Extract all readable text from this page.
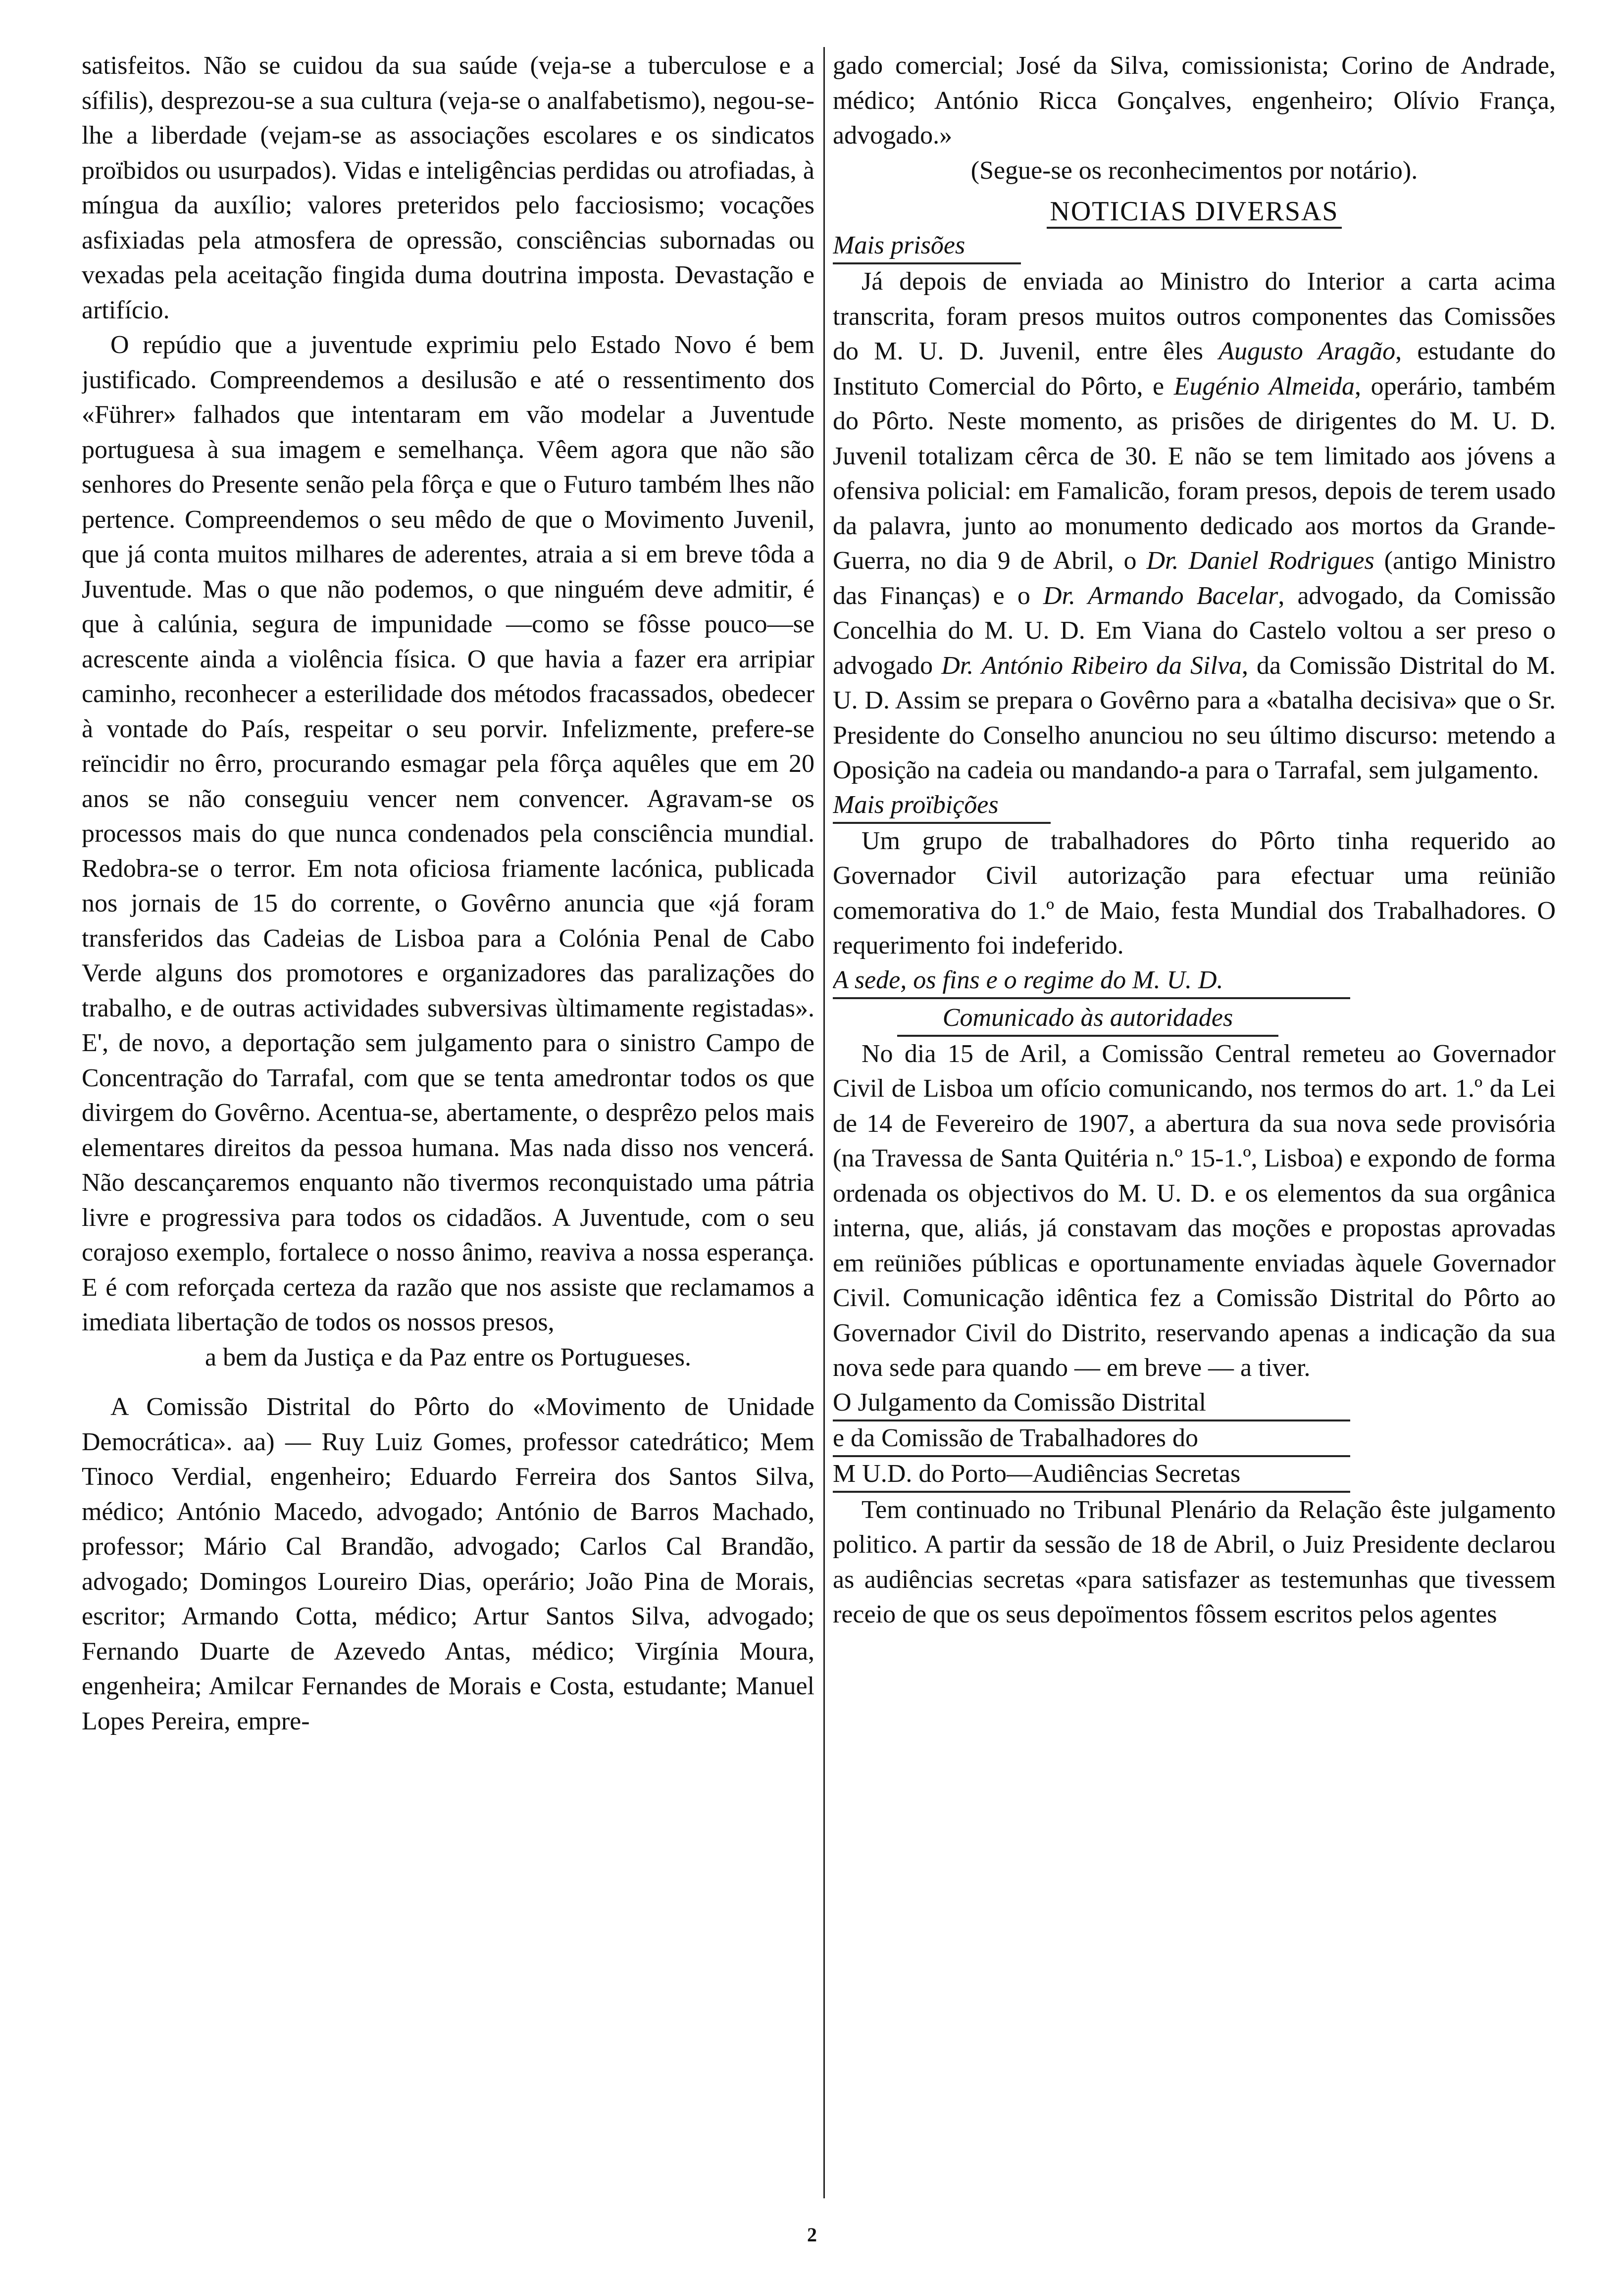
satisfeitos. Não se cuidou da sua saúde (veja-se a tuberculose e a sífilis), desprezou-se a sua cultura (veja-se o analfabetismo), negou-se-lhe a liberdade (vejam-se as associações escolares e os sindicatos proïbidos ou usurpados). Vidas e inteligências perdidas ou atrofiadas, à míngua da auxílio; valores preteridos pelo facciosismo; vocações asfixiadas pela atmosfera de opressão, consciências subornadas ou vexadas pela aceitação fingida duma doutrina imposta. Devastação e artifício.

O repúdio que a juventude exprimiu pelo Estado Novo é bem justificado. Compreendemos a desilusão e até o ressentimento dos «Führer» falhados que intentaram em vão modelar a Juventude portuguesa à sua imagem e semelhança. Vêem agora que não são senhores do Presente senão pela fôrça e que o Futuro também lhes não pertence. Compreendemos o seu mêdo de que o Movimento Juvenil, que já conta muitos milhares de aderentes, atraia a si em breve tôda a Juventude. Mas o que não podemos, o que ninguém deve admitir, é que à calúnia, segura de impunidade —como se fôsse pouco—se acrescente ainda a violência física. O que havia a fazer era arripiar caminho, reconhecer a esterilidade dos métodos fracassados, obedecer à vontade do País, respeitar o seu porvir. Infelizmente, prefere-se reïncidir no êrro, procurando esmagar pela fôrça aquêles que em 20 anos se não conseguiu vencer nem convencer. Agravam-se os processos mais do que nunca condenados pela consciência mundial. Redobra-se o terror. Em nota oficiosa friamente lacónica, publicada nos jornais de 15 do corrente, o Govêrno anuncia que «já foram transferidos das Cadeias de Lisboa para a Colónia Penal de Cabo Verde alguns dos promotores e organizadores das paralizações do trabalho, e de outras actividades subversivas ùltimamente registadas». E', de novo, a deportação sem julgamento para o sinistro Campo de Concentração do Tarrafal, com que se tenta amedrontar todos os que divirgem do Govêrno. Acentua-se, abertamente, o desprêzo pelos mais elementares direitos da pessoa humana. Mas nada disso nos vencerá. Não descançaremos enquanto não tivermos reconquistado uma pátria livre e progressiva para todos os cidadãos. A Juventude, com o seu corajoso exemplo, fortalece o nosso ânimo, reaviva a nossa esperança. E é com reforçada certeza da razão que nos assiste que reclamamos a imediata libertação de todos os nossos presos,

a bem da Justiça e da Paz entre os Portugueses.

A Comissão Distrital do Pôrto do «Movimento de Unidade Democrática». aa) — Ruy Luiz Gomes, professor catedrático; Mem Tinoco Verdial, engenheiro; Eduardo Ferreira dos Santos Silva, médico; António Macedo, advogado; António de Barros Machado, professor; Mário Cal Brandão, advogado; Carlos Cal Brandão, advogado; Domingos Loureiro Dias, operário; João Pina de Morais, escritor; Armando Cotta, médico; Artur Santos Silva, advogado; Fernando Duarte de Azevedo Antas, médico; Virgínia Moura, engenheira; Amilcar Fernandes de Morais e Costa, estudante; Manuel Lopes Pereira, empre-

gado comercial; José da Silva, comissionista; Corino de Andrade, médico; António Ricca Gonçalves, engenheiro; Olívio França, advogado.»

(Segue-se os reconhecimentos por notário).

NOTICIAS DIVERSAS
Mais prisões

Já depois de enviada ao Ministro do Interior a carta acima transcrita, foram presos muitos outros componentes das Comissões do M. U. D. Juvenil, entre êles Augusto Aragão, estudante do Instituto Comercial do Pôrto, e Eugénio Almeida, operário, também do Pôrto. Neste momento, as prisões de dirigentes do M. U. D. Juvenil totalizam cêrca de 30. E não se tem limitado aos jóvens a ofensiva policial: em Famalicão, foram presos, depois de terem usado da palavra, junto ao monumento dedicado aos mortos da Grande-Guerra, no dia 9 de Abril, o Dr. Daniel Rodrigues (antigo Ministro das Finanças) e o Dr. Armando Bacelar, advogado, da Comissão Concelhia do M. U. D. Em Viana do Castelo voltou a ser preso o advogado Dr. António Ribeiro da Silva, da Comissão Distrital do M. U. D. Assim se prepara o Govêrno para a «batalha decisiva» que o Sr. Presidente do Conselho anunciou no seu último discurso: metendo a Oposição na cadeia ou mandando-a para o Tarrafal, sem julgamento.

Mais proïbições

Um grupo de trabalhadores do Pôrto tinha requerido ao Governador Civil autorização para efectuar uma reünião comemorativa do 1.º de Maio, festa Mundial dos Trabalhadores. O requerimento foi indeferido.

A sede, os fins e o regime do M. U. D.
Comunicado às autoridades

No dia 15 de Aril, a Comissão Central remeteu ao Governador Civil de Lisboa um ofício comunicando, nos termos do art. 1.º da Lei de 14 de Fevereiro de 1907, a abertura da sua nova sede provisória (na Travessa de Santa Quitéria n.º 15-1.º, Lisboa) e expondo de forma ordenada os objectivos do M. U. D. e os elementos da sua orgânica interna, que, aliás, já constavam das moções e propostas aprovadas em reüniões públicas e oportunamente enviadas àquele Governador Civil. Comunicação idêntica fez a Comissão Distrital do Pôrto ao Governador Civil do Distrito, reservando apenas a indicação da sua nova sede para quando — em breve — a tiver.

O Julgamento da Comissão Distrital
e da Comissão de Trabalhadores do
M U.D. do Porto—Audiências Secretas

Tem continuado no Tribunal Plenário da Relação êste julgamento politico. A partir da sessão de 18 de Abril, o Juiz Presidente declarou as audiências secretas «para satisfazer as testemunhas que tivessem receio de que os seus depoïmentos fôssem escritos pelos agentes

2
